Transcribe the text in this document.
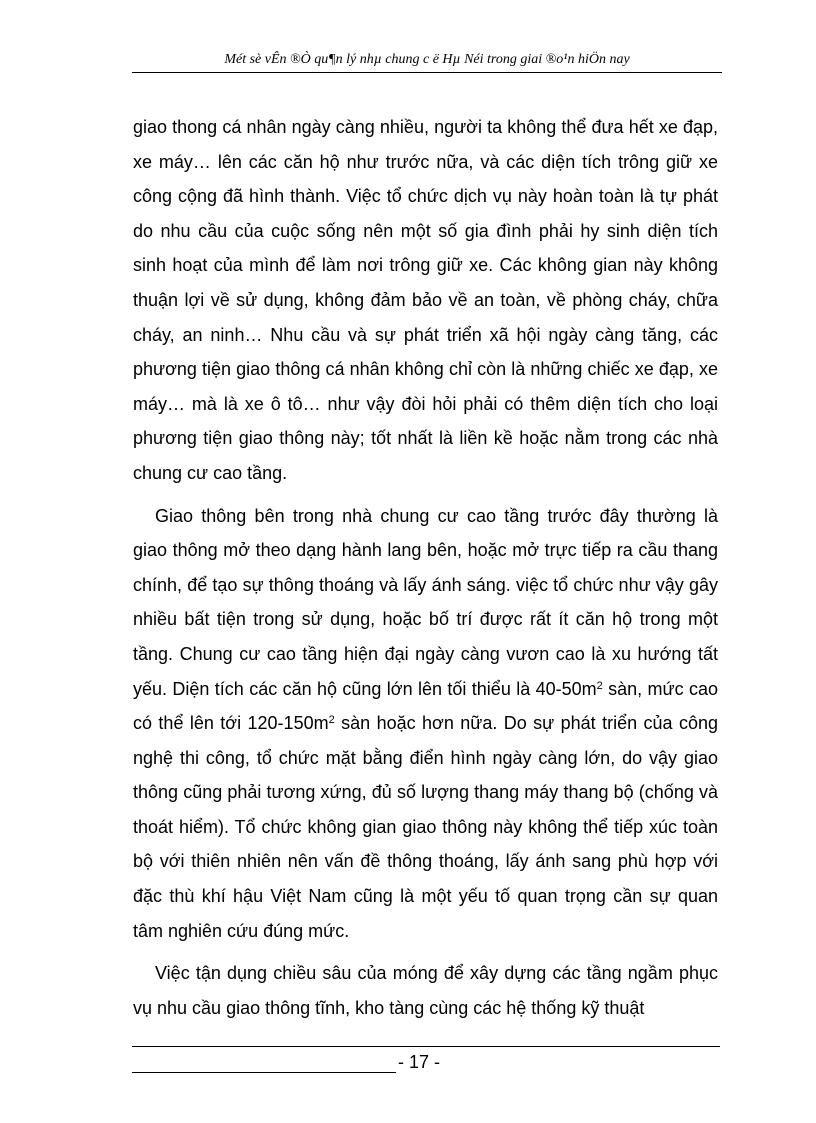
Mét sè vÊn ®Ò qu¶n lý nhµ chung c ë Hµ Néi trong giai ®o¹n hiÖn nay

giao thong cá nhân ngày càng nhiều, người ta không thể đưa hết xe đạp, xe máy… lên các căn hộ như trước nữa, và các diện tích trông giữ xe công cộng đã hình thành. Việc tổ chức dịch vụ này hoàn toàn là tự phát do nhu cầu của cuộc sống nên một số gia đình phải hy sinh diện tích sinh hoạt của mình để làm nơi trông giữ xe. Các không gian này không thuận lợi về sử dụng, không đảm bảo về an toàn, về phòng cháy, chữa cháy, an ninh… Nhu cầu và sự phát triển xã hội ngày càng tăng, các phương tiện giao thông cá nhân không chỉ còn là những chiếc xe đạp, xe máy… mà là xe ô tô… như vậy đòi hỏi phải có thêm diện tích cho loại phương tiện giao thông này; tốt nhất là liền kề hoặc nằm trong các nhà chung cư cao tầng.

Giao thông bên trong nhà chung cư cao tầng trước đây thường là giao thông mở theo dạng hành lang bên, hoặc mở trực tiếp ra cầu thang chính, để tạo sự thông thoáng và lấy ánh sáng. việc tổ chức như vậy gây nhiều bất tiện trong sử dụng, hoặc bố trí được rất ít căn hộ trong một tầng. Chung cư cao tầng hiện đại ngày càng vươn cao là xu hướng tất yếu. Diện tích các căn hộ cũng lớn lên tối thiểu là $40-50m^2$ sàn, mức cao có thể lên tới $120-150m^2$ sàn hoặc hơn nữa. Do sự phát triển của công nghệ thi công, tổ chức mặt bằng điển hình ngày càng lớn, do vậy giao thông cũng phải tương xứng, đủ số lượng thang máy thang bộ (chống và thoát hiểm). Tổ chức không gian giao thông này không thể tiếp xúc toàn bộ với thiên nhiên nên vấn đề thông thoáng, lấy ánh sang phù hợp với đặc thù khí hậu Việt Nam cũng là một yếu tố quan trọng cần sự quan tâm nghiên cứu đúng mức.

Việc tận dụng chiều sâu của móng để xây dựng các tầng ngầm phục vụ nhu cầu giao thông tĩnh, kho tàng cùng các hệ thống kỹ thuật

- 17 -
